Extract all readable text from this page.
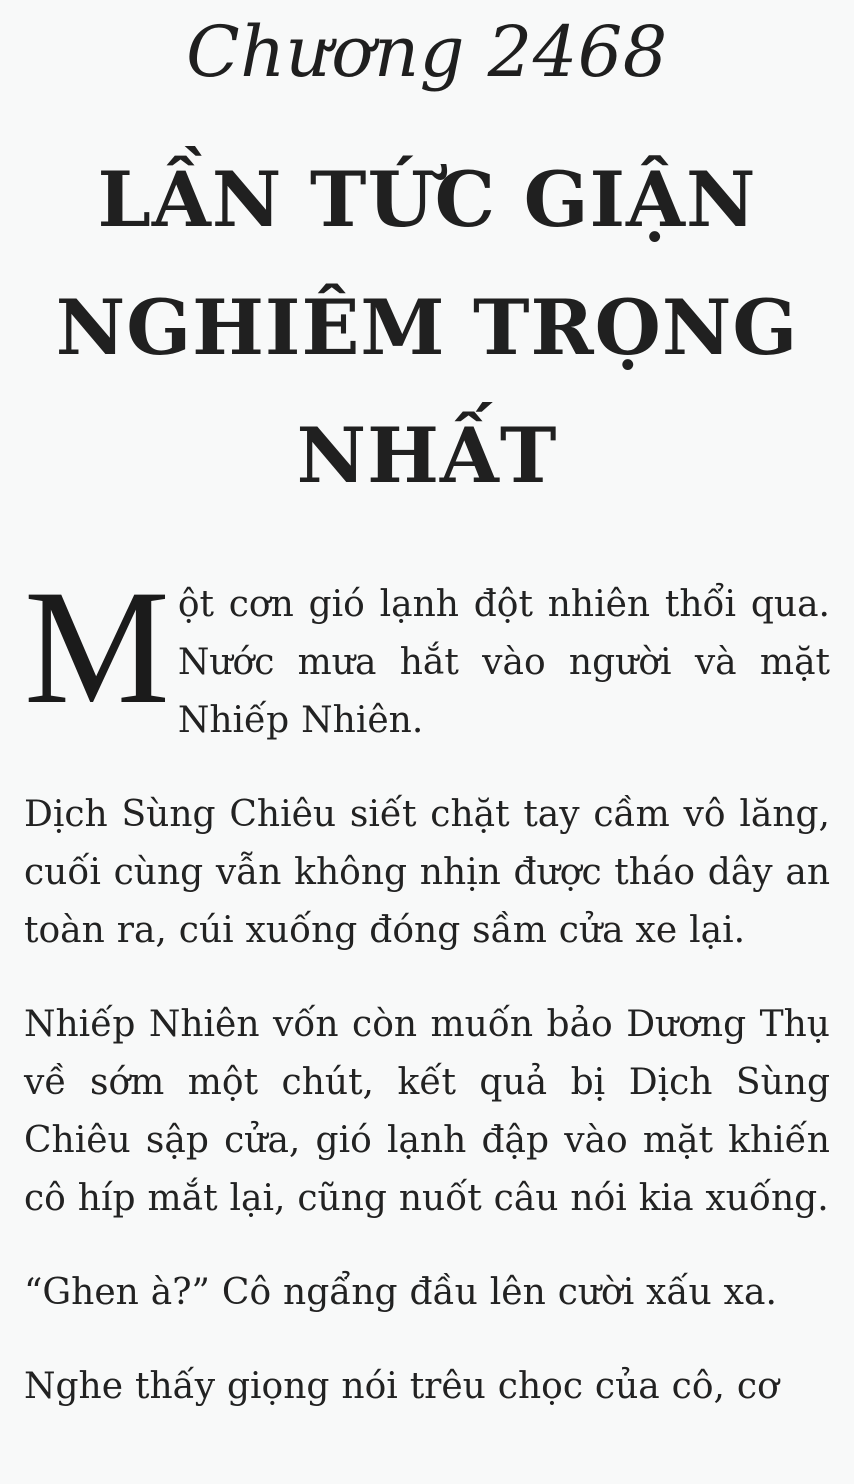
Chương 2468
LẦN TỨC GIẬN
NGHIÊM TRỌNG
NHẤT

Một cơn gió lạnh đột nhiên thổi qua. Nước mưa hắt vào người và mặt Nhiếp Nhiên.

Dịch Sùng Chiêu siết chặt tay cầm vô lăng, cuối cùng vẫn không nhịn được tháo dây an toàn ra, cúi xuống đóng sầm cửa xe lại.

Nhiếp Nhiên vốn còn muốn bảo Dương Thụ về sớm một chút, kết quả bị Dịch Sùng Chiêu sập cửa, gió lạnh đập vào mặt khiến cô híp mắt lại, cũng nuốt câu nói kia xuống.

“Ghen à?” Cô ngẩng đầu lên cười xấu xa.

Nghe thấy giọng nói trêu chọc của cô, cơ
